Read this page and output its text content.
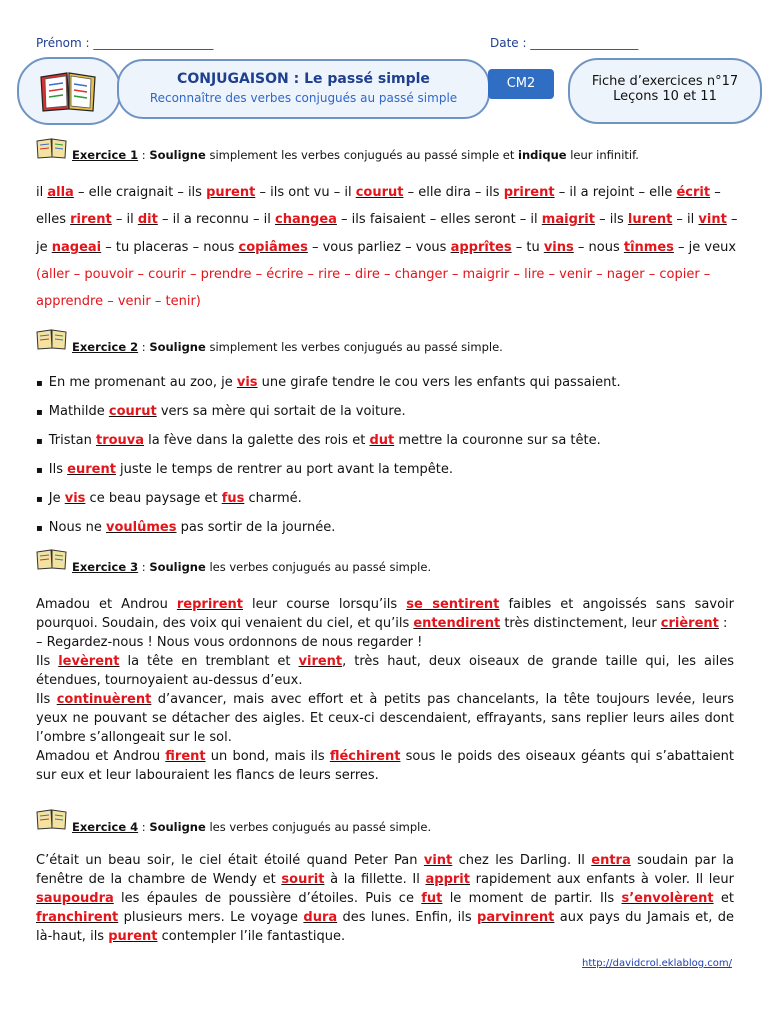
Prénom : ____________________	Date : __________________
CONJUGAISON : Le passé simple
Reconnaître des verbes conjugués au passé simple
CM2	Fiche d’exercices n°17
Leçons 10 et 11
Exercice 1 : Souligne simplement les verbes conjugués au passé simple et indique leur infinitif.
il alla – elle craignait – ils purent – ils ont vu – il courut – elle dira – ils prirent – il a rejoint – elle écrit –
elles rirent – il dit – il a reconnu – il changea – ils faisaient – elles seront – il maigrit – ils lurent – il vint –
je nageai – tu placeras – nous copiâmes – vous parliez – vous apprîtes – tu vins – nous tînmes – je veux
(aller – pouvoir – courir – prendre – écrire – rire – dire – changer – maigrir – lire – venir – nager – copier –
apprendre – venir – tenir)
Exercice 2 : Souligne simplement les verbes conjugués au passé simple.
▪ En me promenant au zoo, je vis une girafe tendre le cou vers les enfants qui passaient.
▪ Mathilde courut vers sa mère qui sortait de la voiture.
▪ Tristan trouva la fève dans la galette des rois et dut mettre la couronne sur sa tête.
▪ Ils eurent juste le temps de rentrer au port avant la tempête.
▪ Je vis ce beau paysage et fus charmé.
▪ Nous ne voulûmes pas sortir de la journée.
Exercice 3 : Souligne les verbes conjugués au passé simple.
Amadou et Androu reprirent leur course lorsqu’ils se sentirent faibles et angoissés sans savoir pourquoi. Soudain, des voix qui venaient du ciel, et qu’ils entendirent très distinctement, leur crièrent :
– Regardez-nous ! Nous vous ordonnons de nous regarder !
Ils levèrent la tête en tremblant et virent, très haut, deux oiseaux de grande taille qui, les ailes étendues, tournoyaient au-dessus d’eux.
Ils continuèrent d’avancer, mais avec effort et à petits pas chancelants, la tête toujours levée, leurs yeux ne pouvant se détacher des aigles. Et ceux-ci descendaient, effrayants, sans replier leurs ailes dont l’ombre s’allongeait sur le sol.
Amadou et Androu firent un bond, mais ils fléchirent sous le poids des oiseaux géants qui s’abattaient sur eux et leur labouraient les flancs de leurs serres.
Exercice 4 : Souligne les verbes conjugués au passé simple.
C’était un beau soir, le ciel était étoilé quand Peter Pan vint chez les Darling. Il entra soudain par la fenêtre de la chambre de Wendy et sourit à la fillette. Il apprit rapidement aux enfants à voler. Il leur saupoudra les épaules de poussière d’étoiles. Puis ce fut le moment de partir. Ils s’envolèrent et franchirent plusieurs mers. Le voyage dura des lunes. Enfin, ils parvinrent aux pays du Jamais et, de là-haut, ils purent contempler l’ile fantastique.
http://davidcrol.eklablog.com/
